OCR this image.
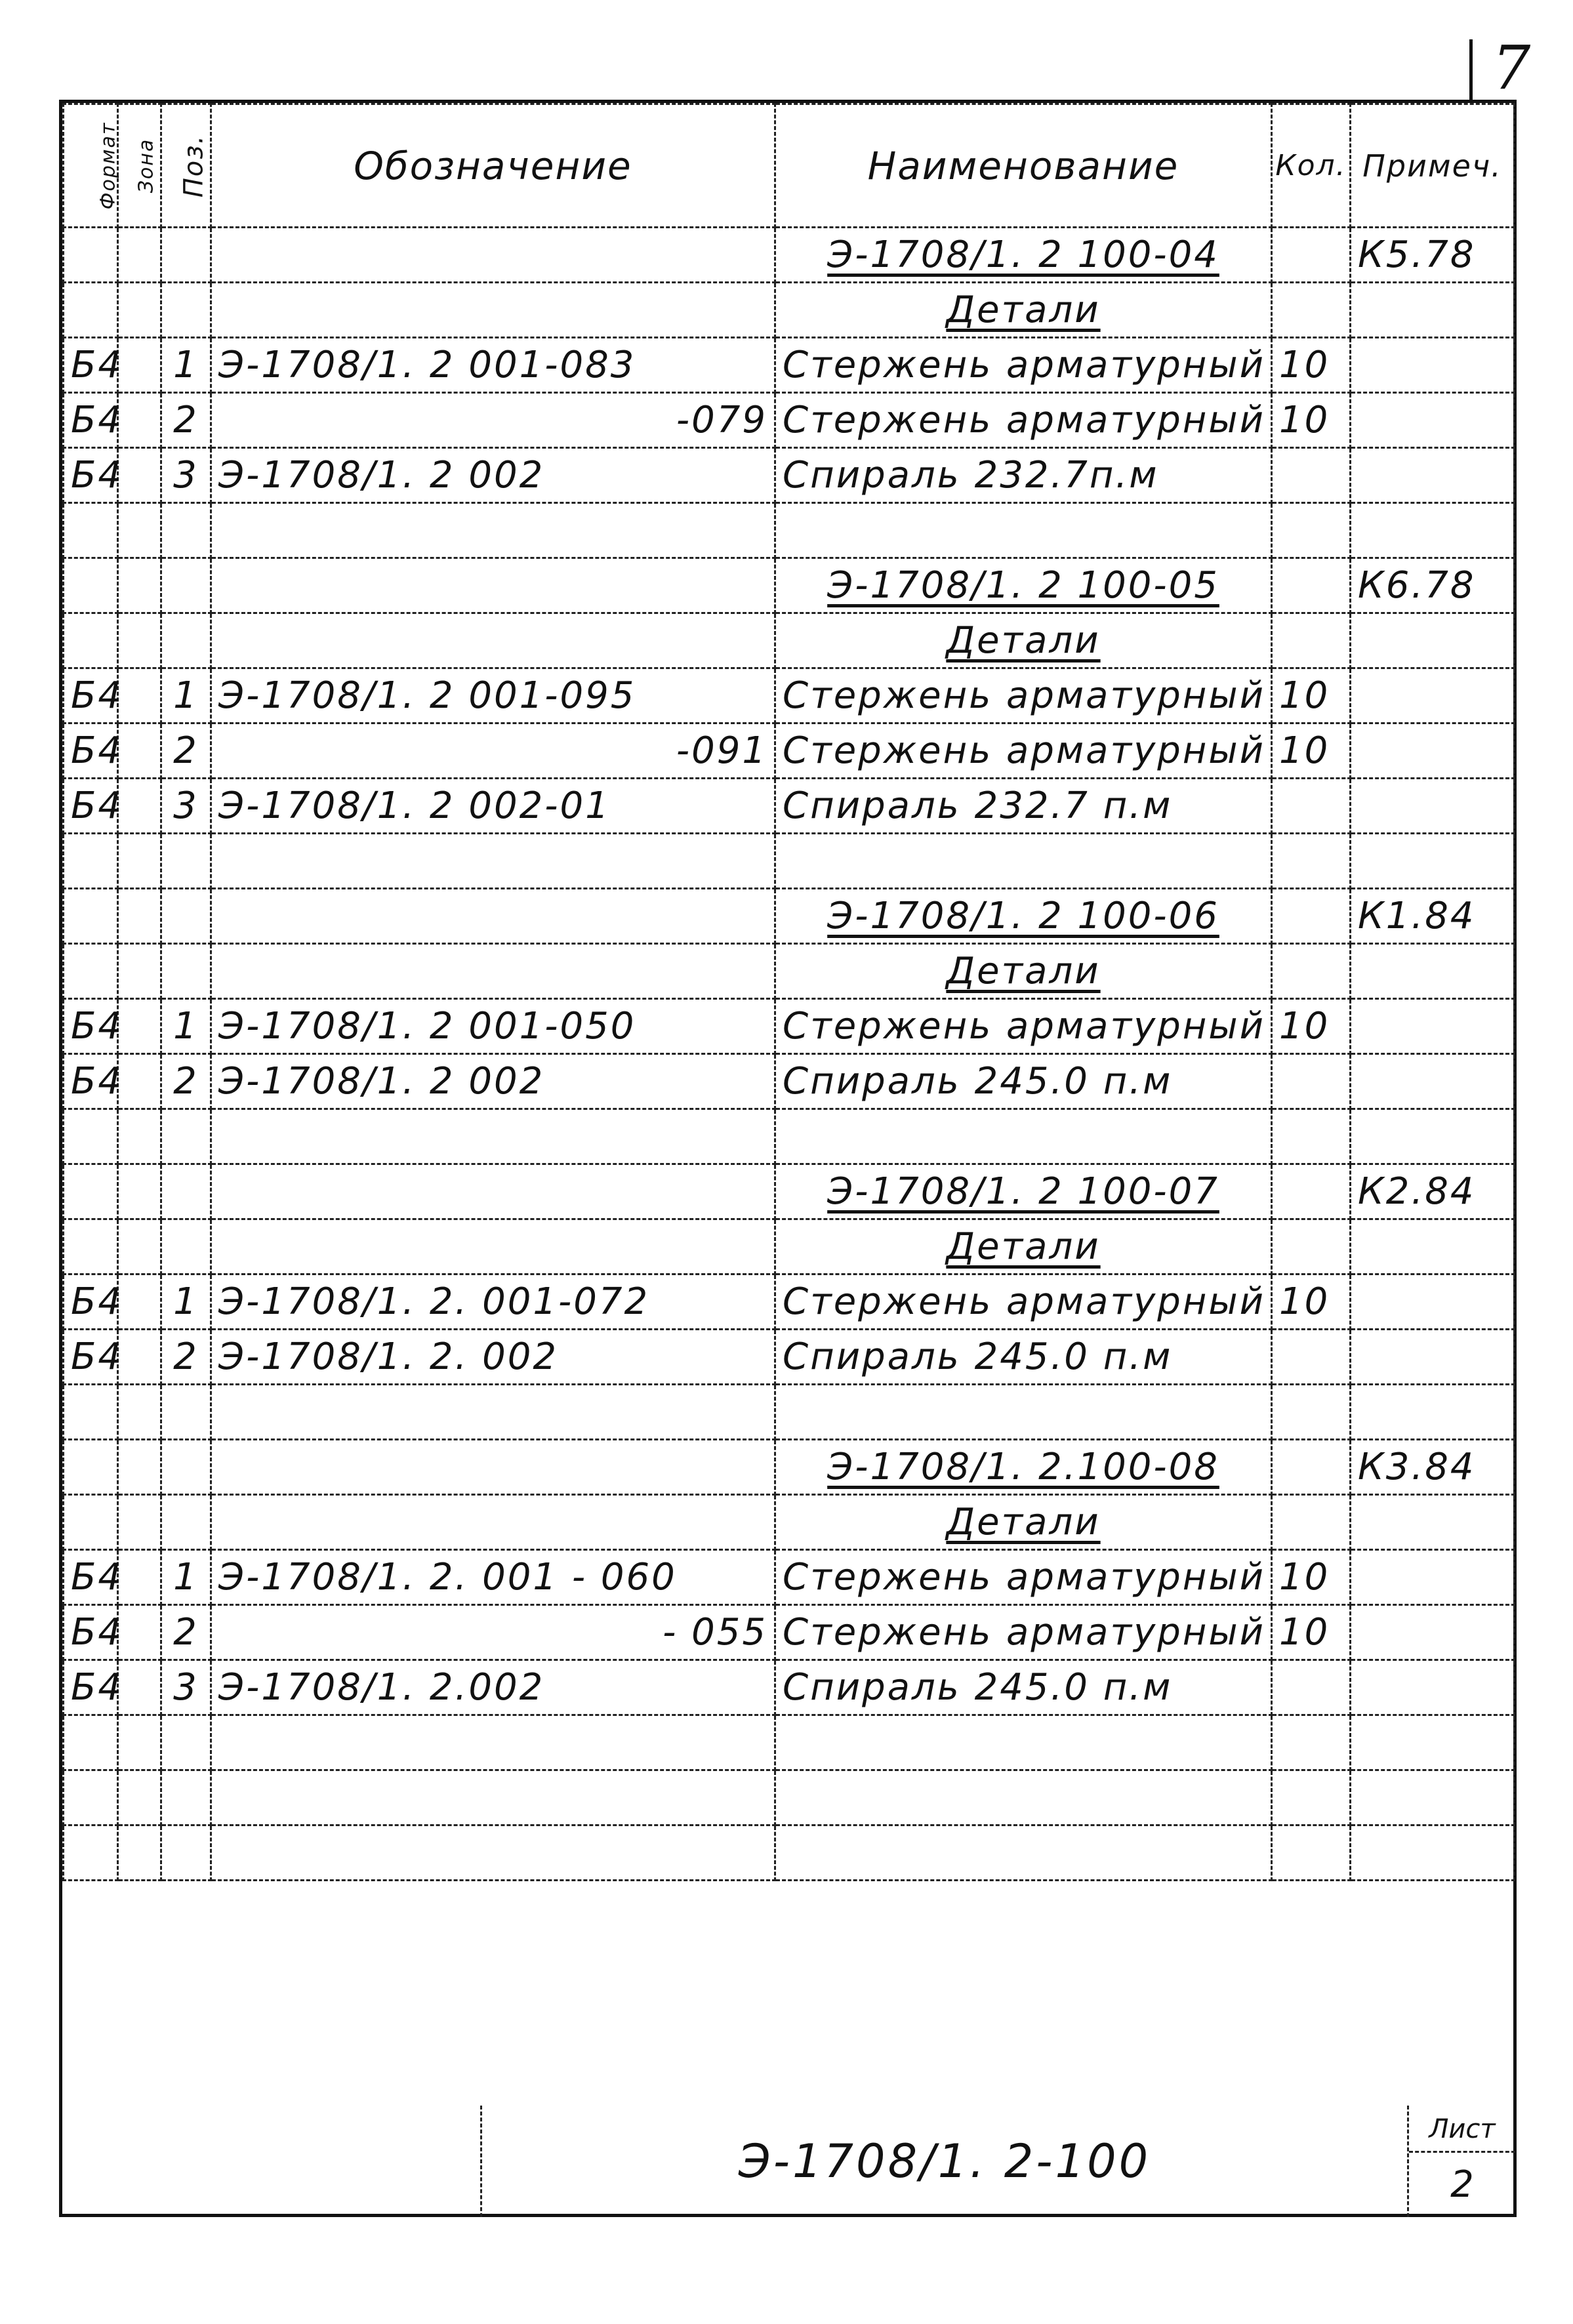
7
Формат	Зона	Поз.	Обозначение	Наименование	Кол.	Примеч.
				Э-1708/1. 2 100-04		К5.78
				Детали		
Б4		1	Э-1708/1. 2 001-083	Стержень арматурный	10	
Б4		2	-079	Стержень арматурный	10	
Б4		3	Э-1708/1. 2 002	Спираль 232.7п.м		

				Э-1708/1. 2 100-05		К6.78
				Детали		
Б4		1	Э-1708/1. 2 001-095	Стержень арматурный	10	
Б4		2	-091	Стержень арматурный	10	
Б4		3	Э-1708/1. 2 002-01	Спираль 232.7 п.м		

				Э-1708/1. 2 100-06		К1.84
				Детали		
Б4		1	Э-1708/1. 2 001-050	Стержень арматурный	10	
Б4		2	Э-1708/1. 2 002	Спираль 245.0 п.м		

				Э-1708/1. 2 100-07		К2.84
				Детали		
Б4		1	Э-1708/1. 2. 001-072	Стержень арматурный	10	
Б4		2	Э-1708/1. 2. 002	Спираль 245.0 п.м		

				Э-1708/1. 2.100-08		К3.84
				Детали		
Б4		1	Э-1708/1. 2. 001 - 060	Стержень арматурный	10	
Б4		2	- 055	Стержень арматурный	10	
Б4		3	Э-1708/1. 2.002	Спираль 245.0 п.м		

Э-1708/1. 2-100
Лист
2
